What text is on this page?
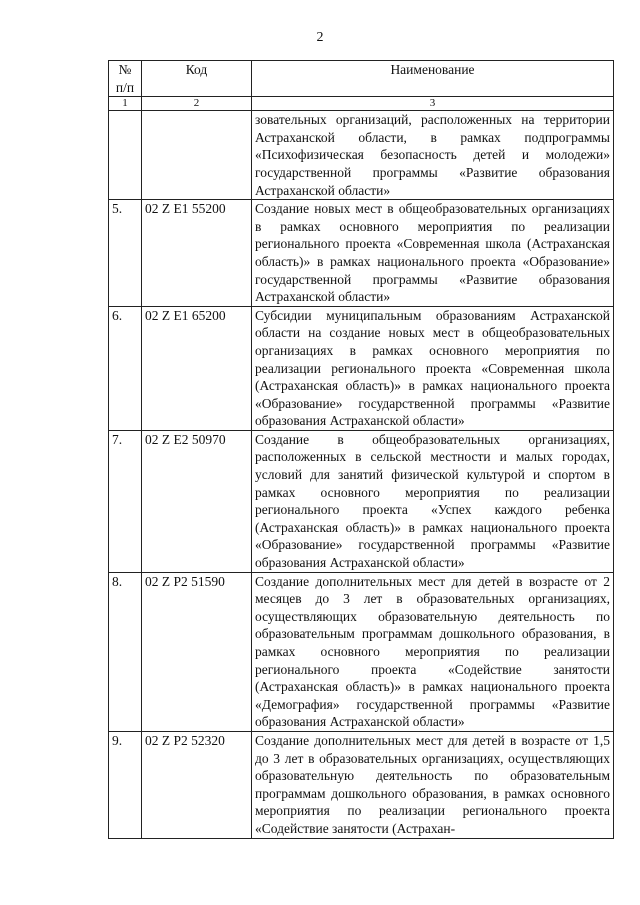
2
№ п/п	Код	Наименование
1	2	3
		зовательных организаций, расположенных на территории Астраханской области, в рамках подпрограммы «Психофизическая безопасность детей и молодежи» государственной программы «Развитие образования Астраханской области»
5.	02 Z E1 55200	Создание новых мест в общеобразовательных организациях в рамках основного мероприятия по реализации регионального проекта «Современная школа (Астраханская область)» в рамках национального проекта «Образование» государственной программы «Развитие образования Астраханской области»
6.	02 Z E1 65200	Субсидии муниципальным образованиям Астраханской области на создание новых мест в общеобразовательных организациях в рамках основного мероприятия по реализации регионального проекта «Современная школа (Астраханская область)» в рамках национального проекта «Образование» государственной программы «Развитие образования Астраханской области»
7.	02 Z E2 50970	Создание в общеобразовательных организациях, расположенных в сельской местности и малых городах, условий для занятий физической культурой и спортом в рамках основного мероприятия по реализации регионального проекта «Успех каждого ребенка (Астраханская область)» в рамках национального проекта «Образование» государственной программы «Развитие образования Астраханской области»
8.	02 Z P2 51590	Создание дополнительных мест для детей в возрасте от 2 месяцев до 3 лет в образовательных организациях, осуществляющих образовательную деятельность по образовательным программам дошкольного образования, в рамках основного мероприятия по реализации регионального проекта «Содействие занятости (Астраханская область)» в рамках национального проекта «Демография» государственной программы «Развитие образования Астраханской области»
9.	02 Z P2 52320	Создание дополнительных мест для детей в возрасте от 1,5 до 3 лет в образовательных организациях, осуществляющих образовательную деятельность по образовательным программам дошкольного образования, в рамках основного мероприятия по реализации регионального проекта «Содействие занятости (Астрахан-
